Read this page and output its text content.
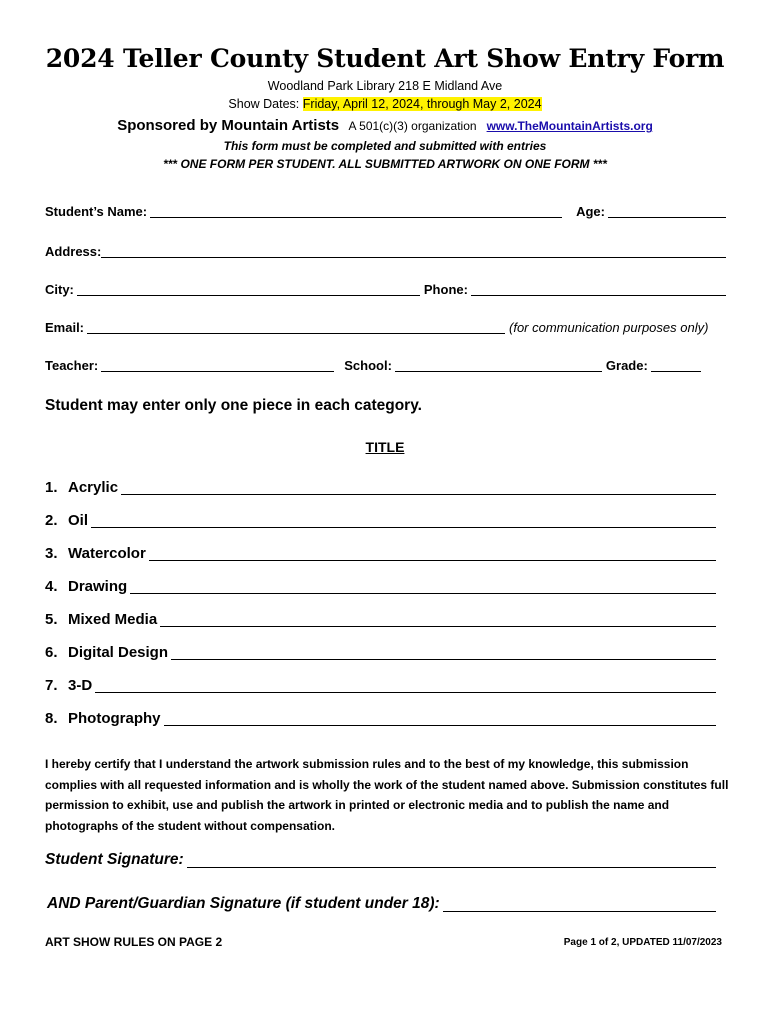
2024 Teller County Student Art Show Entry Form
Woodland Park Library 218 E Midland Ave
Show Dates: Friday, April 12, 2024, through May 2, 2024
Sponsored by Mountain Artists A 501(c)(3) organization www.TheMountainArtists.org
This form must be completed and submitted with entries
*** ONE FORM PER STUDENT. ALL SUBMITTED ARTWORK ON ONE FORM ***
Student’s Name:	Age:
Address:
City:	Phone:
Email:	(for communication purposes only)
Teacher:	School:	Grade:
Student may enter only one piece in each category.
TITLE
1. Acrylic
2. Oil
3. Watercolor
4. Drawing
5. Mixed Media
6. Digital Design
7. 3-D
8. Photography
I hereby certify that I understand the artwork submission rules and to the best of my knowledge, this submission complies with all requested information and is wholly the work of the student named above. Submission constitutes full permission to exhibit, use and publish the artwork in printed or electronic media and to publish the name and photographs of the student without compensation.
Student Signature:
AND Parent/Guardian Signature (if student under 18):
ART SHOW RULES ON PAGE 2	Page 1 of 2, UPDATED 11/07/2023
